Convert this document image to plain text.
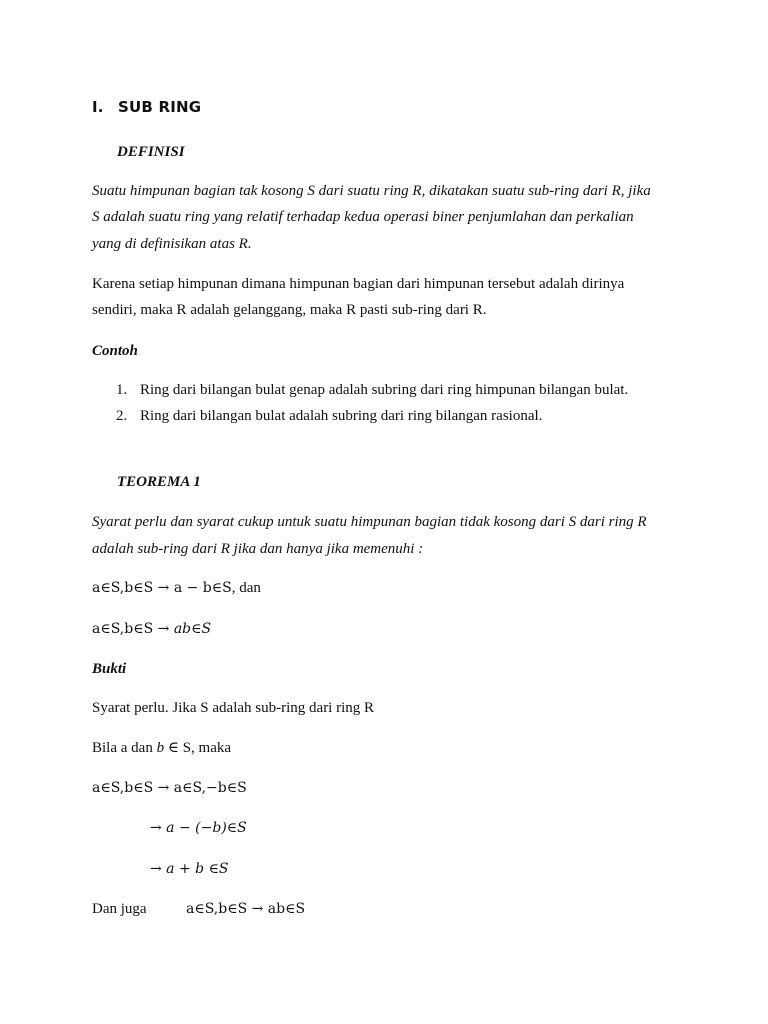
I. SUB RING
DEFINISI
Suatu himpunan bagian tak kosong S dari suatu ring R, dikatakan suatu sub-ring dari R, jika
S adalah suatu ring yang relatif terhadap kedua operasi biner penjumlahan dan perkalian
yang di definisikan atas R.
Karena setiap himpunan dimana himpunan bagian dari himpunan tersebut adalah dirinya
sendiri, maka R adalah gelanggang, maka R pasti sub-ring dari R.
Contoh
1. Ring dari bilangan bulat genap adalah subring dari ring himpunan bilangan bulat.
2. Ring dari bilangan bulat adalah subring dari ring bilangan rasional.
TEOREMA 1
Syarat perlu dan syarat cukup untuk suatu himpunan bagian tidak kosong dari S dari ring R
adalah sub-ring dari R jika dan hanya jika memenuhi :
a∈S,b∈S → a − b∈S, dan
a∈S,b∈S → ab∈S
Bukti
Syarat perlu. Jika S adalah sub-ring dari ring R
Bila a dan b ∈ S, maka
a∈S,b∈S → a∈S,−b∈S
→ a − (−b)∈S
→ a + b ∈S
Dan juga	a∈S,b∈S → ab∈S
